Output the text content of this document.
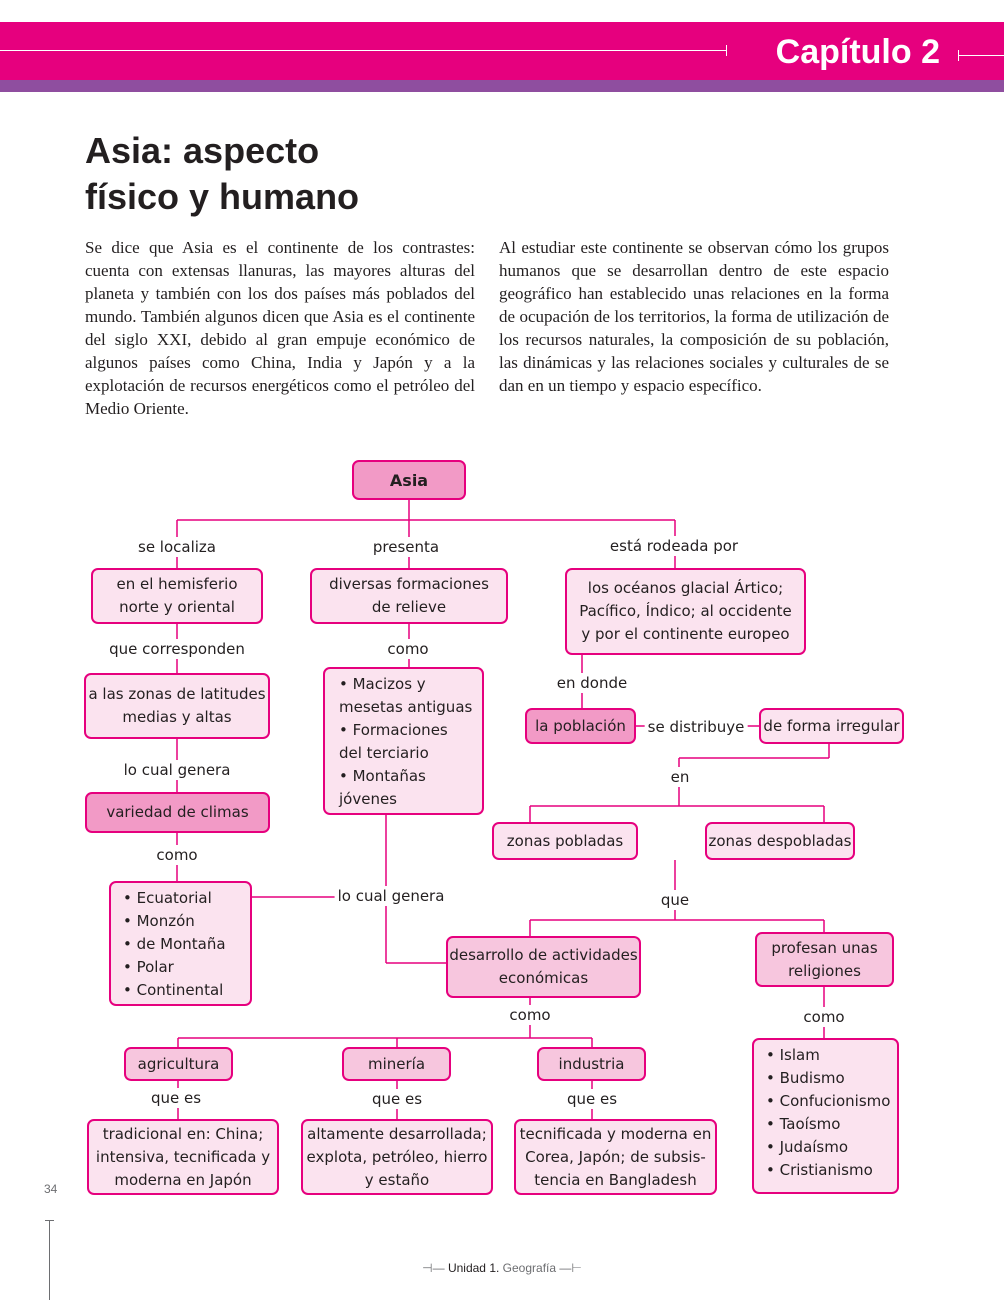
Capítulo 2
Asia: aspecto
físico y humano

Se dice que Asia es el continente de los contrastes: cuenta con extensas llanuras, las mayores alturas del planeta y también con los dos países más poblados del mundo. También algunos dicen que Asia es el continente del siglo XXI, debido al gran empuje económico de algunos países como China, India y Japón y a la explotación de recursos energéticos como el petróleo del Medio Oriente.

Al estudiar este continente se observan cómo los grupos humanos que se desarrollan dentro de este espacio geográfico han establecido unas relaciones en la forma de ocupación de los territorios, la forma de utilización de los recursos naturales, la composición de su población, las dinámicas y las relaciones sociales y culturales de se dan en un tiempo y espacio específico.

Asia
en el hemisferio
norte y oriental
diversas formaciones
de relieve
los océanos glacial Ártico;
Pacífico, Índico; al occidente
y por el continente europeo
a las zonas de latitudes
medias y altas
• Macizos y
mesetas antiguas
• Formaciones
del terciario
• Montañas
jóvenes
la población	de forma irregular
variedad de climas
zonas pobladas	zonas despobladas
• Ecuatorial
• Monzón
• de Montaña
• Polar
• Continental
desarrollo de actividades
económicas
profesan unas
religiones
• Islam
• Budismo
• Confucionismo
• Taoísmo
• Judaísmo
• Cristianismo
agricultura	minería	industria
tradicional en: China;
intensiva, tecnificada y
moderna en Japón
altamente desarrollada;
explota, petróleo, hierro
y estaño
tecnificada y moderna en
Corea, Japón; de subsis-
tencia en Bangladesh
se localiza	presenta	está rodeada por
que corresponden	como
en donde
se distribuye
lo cual genera	en
como
lo cual genera	que
como	como
que es	que es	que es
34
⊣— Unidad 1. Geografía —⊢
